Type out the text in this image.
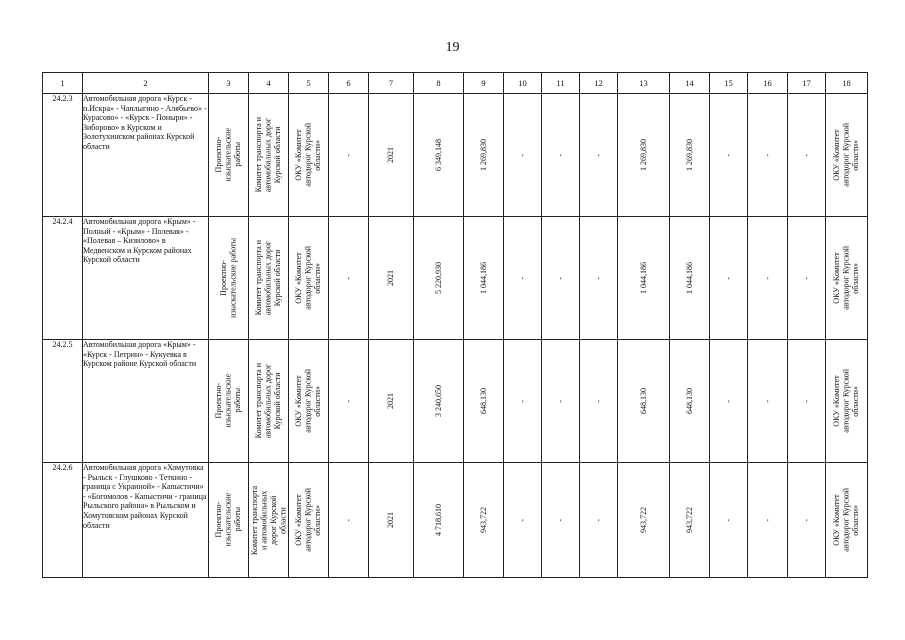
19
1	2	3	4	5	6	7	8	9	10	11	12	13	14	15	16	17	18
24.2.3	Автомобильная дорога «Курск - п.Искра» - Чаплыгино - Алябьево» - Курасово» - «Курск - Поныри» - Зиборово» в Курском и Золотухинском районах Курской области	Проектно-
изыскательские
работы	Комитет транспорта и
автомобильных дорог
Курской области	ОКУ «Комитет
автодорог Курской
области»	-	2021	6 349,148	1 269,830	-	-	-	1 269,830	1 269,830	-	-	-	ОКУ «Комитет
автодорог Курской
области»

24.2.4	Автомобильная дорога «Крым» - Полный - «Крым» - Полевая» - «Полевая – Кизилово» в Медвенском и Курском районах Курской области	Проектно-
изыскательские работы	Комитет транспорта и
автомобильных дорог
Курской области	ОКУ «Комитет
автодорог Курской
области»	-	2021	5 220,930	1 044,186	-	-	-	1 044,186	1 044,186	-	-	-	ОКУ «Комитет
автодорог Курской
области»

24.2.5	Автомобильная дорога «Крым» - «Курск - Петрин» - Кукуевка в Курском районе Курской области	Проектно-
изыскательские
работы	Комитет транспорта и
автомобильных дорог
Курской области	ОКУ «Комитет
автодорог Курской
области»	-	2021	3 240,650	648,130	-	-	-	648,130	648,130	-	-	-	ОКУ «Комитет
автодорог Курской
области»

24.2.6	Автомобильная дорога «Хомутовка - Рыльск - Глушково - Теткино - граница с Украиной» - Капыстичи» - «Богомолов - Капыстичи - граница Рыльского района» в Рыльском и Хомутовском районах Курской области	Проектно-
изыскательские
работы	Комитет транспорта
и автомобильных
дорог Курской
области	ОКУ «Комитет
автодорог Курской
области»	-	2021	4 718,610	943,722	-	-	-	943,722	943,722	-	-	-	ОКУ «Комитет
автодорог Курской
области»
